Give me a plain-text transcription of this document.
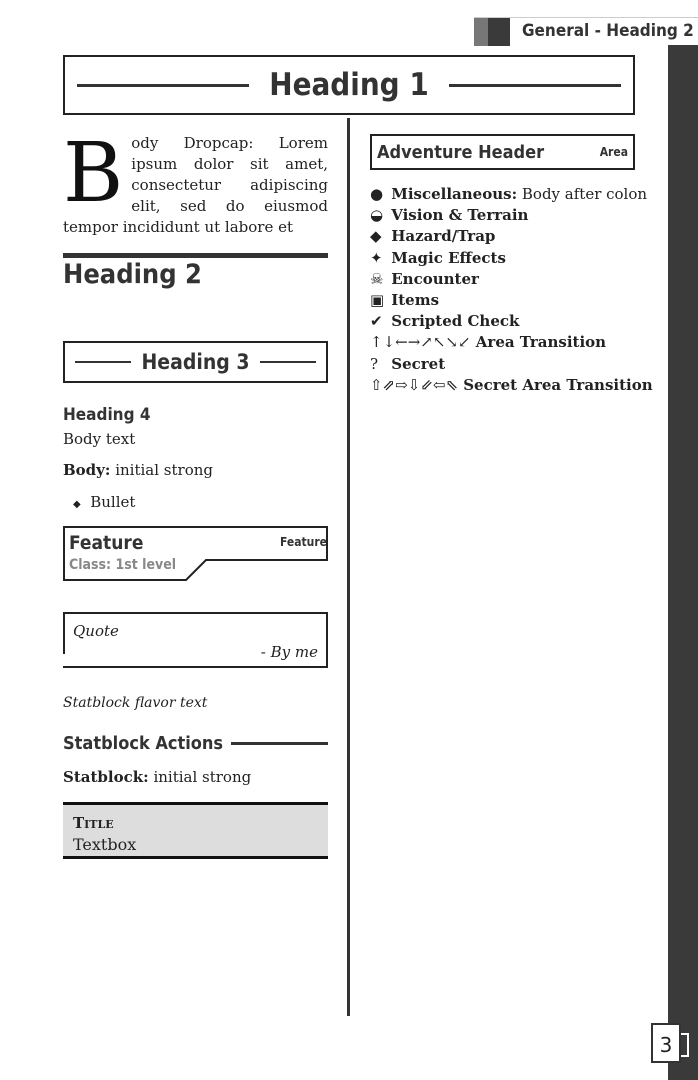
General - Heading 2
Heading 1
Body Dropcap: Lorem ipsum dolor sit amet, consectetur adipiscing elit, sed do eiusmod tempor incididunt ut labore et
Heading 2
Heading 3
Heading 4
Body text
Body: initial strong
◆ Bullet
Feature	Feature
Class: 1st level
Quote
- By me
Statblock flavor text
Statblock Actions
Statblock: initial strong
Title
Textbox
Adventure Header	Area
● Miscellaneous: Body after colon
◒ Vision & Terrain
◆ Hazard/Trap
✦ Magic Effects
☠ Encounter
▣ Items
✔ Scripted Check
↑↓←→↗↖↘↙ Area Transition
? Secret
⇧⇗⇨⇩⇙⇦⇖ Secret Area Transition
3
